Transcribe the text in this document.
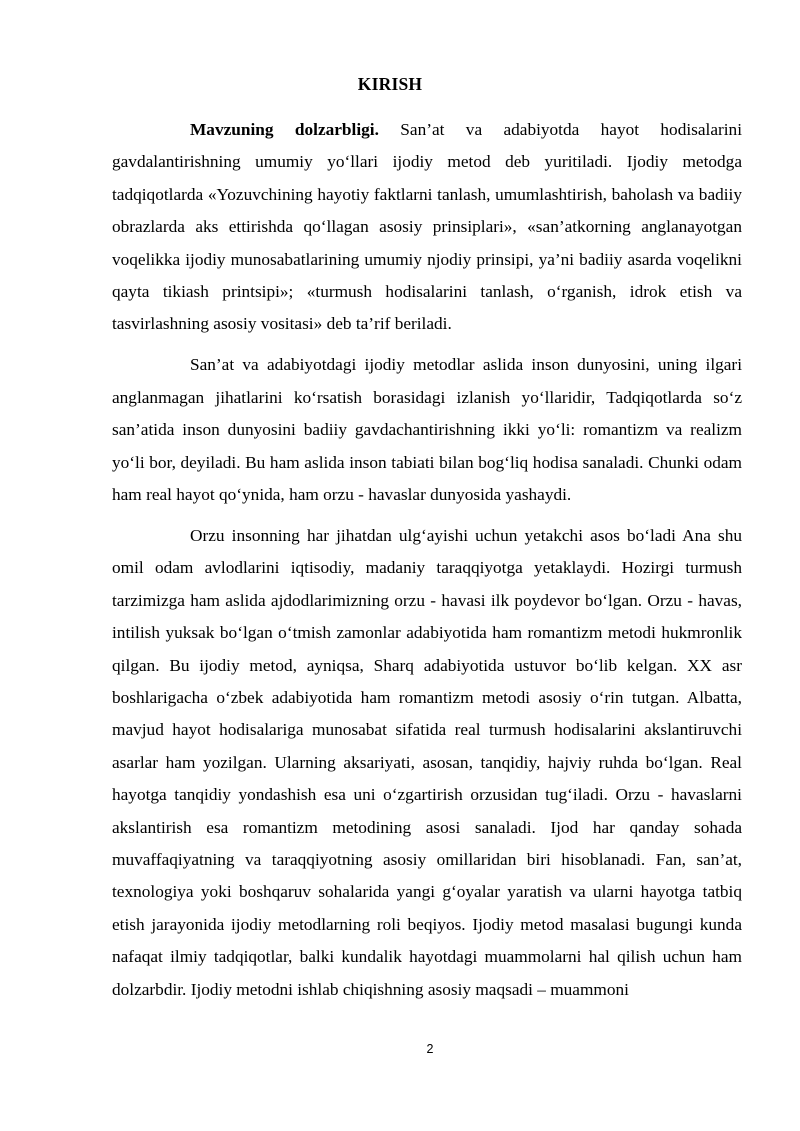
KIRISH

Mavzuning dolzarbligi. San’at va adabiyotda hayot hodisalarini gavdalantirishning umumiy yo‘llari ijodiy metod deb yuritiladi. Ijodiy metodga tadqiqotlarda «Yozuvchining hayotiy faktlarni tanlash, umumlashtirish, baholash va badiiy obrazlarda aks ettirishda qo‘llagan asosiy prinsiplari», «san’atkorning anglanayotgan voqelikka ijodiy munosabatlarining umumiy njodiy prinsipi, ya’ni badiiy asarda voqelikni qayta tikiash printsipi»; «turmush hodisalarini tanlash, o‘rganish, idrok etish va tasvirlashning asosiy vositasi» deb ta’rif beriladi.

San’at va adabiyotdagi ijodiy metodlar aslida inson dunyosini, uning ilgari anglanmagan jihatlarini ko‘rsatish borasidagi izlanish yo‘llaridir, Tadqiqotlarda so‘z san’atida inson dunyosini badiiy gavdachantirishning ikki yo‘li: romantizm va realizm yo‘li bor, deyiladi. Bu ham aslida inson tabiati bilan bog‘liq hodisa sanaladi. Chunki odam ham real hayot qo‘ynida, ham orzu - havaslar dunyosida yashaydi.

Orzu insonning har jihatdan ulg‘ayishi uchun yetakchi asos bo‘ladi Ana shu omil odam avlodlarini iqtisodiy, madaniy taraqqiyotga yetaklaydi. Hozirgi turmush tarzimizga ham aslida ajdodlarimizning orzu - havasi ilk poydevor bo‘lgan. Orzu - havas, intilish yuksak bo‘lgan o‘tmish zamonlar adabiyotida ham romantizm metodi hukmronlik qilgan. Bu ijodiy metod, ayniqsa, Sharq adabiyotida ustuvor bo‘lib kelgan. XX asr boshlarigacha o‘zbek adabiyotida ham romantizm metodi asosiy o‘rin tutgan. Albatta, mavjud hayot hodisalariga munosabat sifatida real turmush hodisalarini akslantiruvchi asarlar ham yozilgan. Ularning aksariyati, asosan, tanqidiy, hajviy ruhda bo‘lgan. Real hayotga tanqidiy yondashish esa uni o‘zgartirish orzusidan tug‘iladi. Orzu - havaslarni akslantirish esa romantizm metodining asosi sanaladi. Ijod har qanday sohada muvaffaqiyatning va taraqqiyotning asosiy omillaridan biri hisoblanadi. Fan, san’at, texnologiya yoki boshqaruv sohalarida yangi g‘oyalar yaratish va ularni hayotga tatbiq etish jarayonida ijodiy metodlarning roli beqiyos. Ijodiy metod masalasi bugungi kunda nafaqat ilmiy tadqiqotlar, balki kundalik hayotdagi muammolarni hal qilish uchun ham dolzarbdir. Ijodiy metodni ishlab chiqishning asosiy maqsadi – muammoni

2
